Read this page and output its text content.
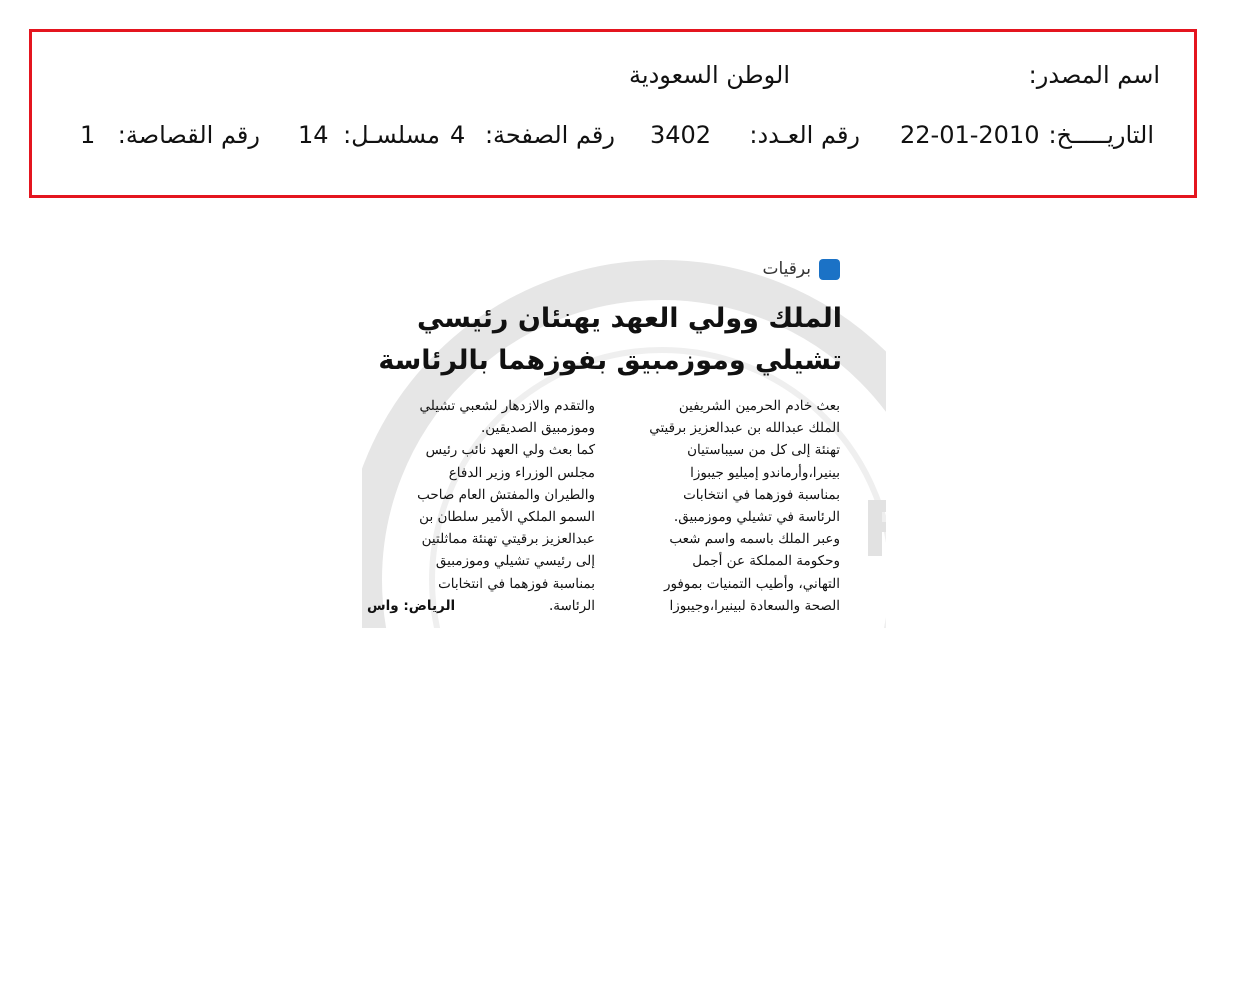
اسم المصدر:
الوطن السعودية
التاريـــــخ:
22-01-2010
رقم العـدد:
3402
رقم الصفحة:
4
مسلسـل:
14
رقم القصاصة:
1
برقيات
الملك وولي العهد يهنئان رئيسي
تشيلي وموزمبيق بفوزهما بالرئاسة
بعث خادم الحرمين الشريفين
الملك عبدالله بن عبدالعزيز برقيتي
تهنئة إلى كل من سيباستيان
بينيرا،وأرماندو إميليو جيبوزا
بمناسبة فوزهما في انتخابات
الرئاسة في تشيلي وموزمبيق.
وعبر الملك باسمه واسم شعب
وحكومة المملكة عن أجمل
التهاني، وأطيب التمنيات بموفور
الصحة والسعادة لبينيرا،وجيبوزا
والتقدم والازدهار لشعبي تشيلي
وموزمبيق الصديقين.
كما بعث ولي العهد نائب رئيس
مجلس الوزراء وزير الدفاع
والطيران والمفتش العام صاحب
السمو الملكي الأمير سلطان بن
عبدالعزيز برقيتي تهنئة مماثلتين
إلى رئيسي تشيلي وموزمبيق
بمناسبة فوزهما في انتخابات
الرئاسة.
الرياض: واس
